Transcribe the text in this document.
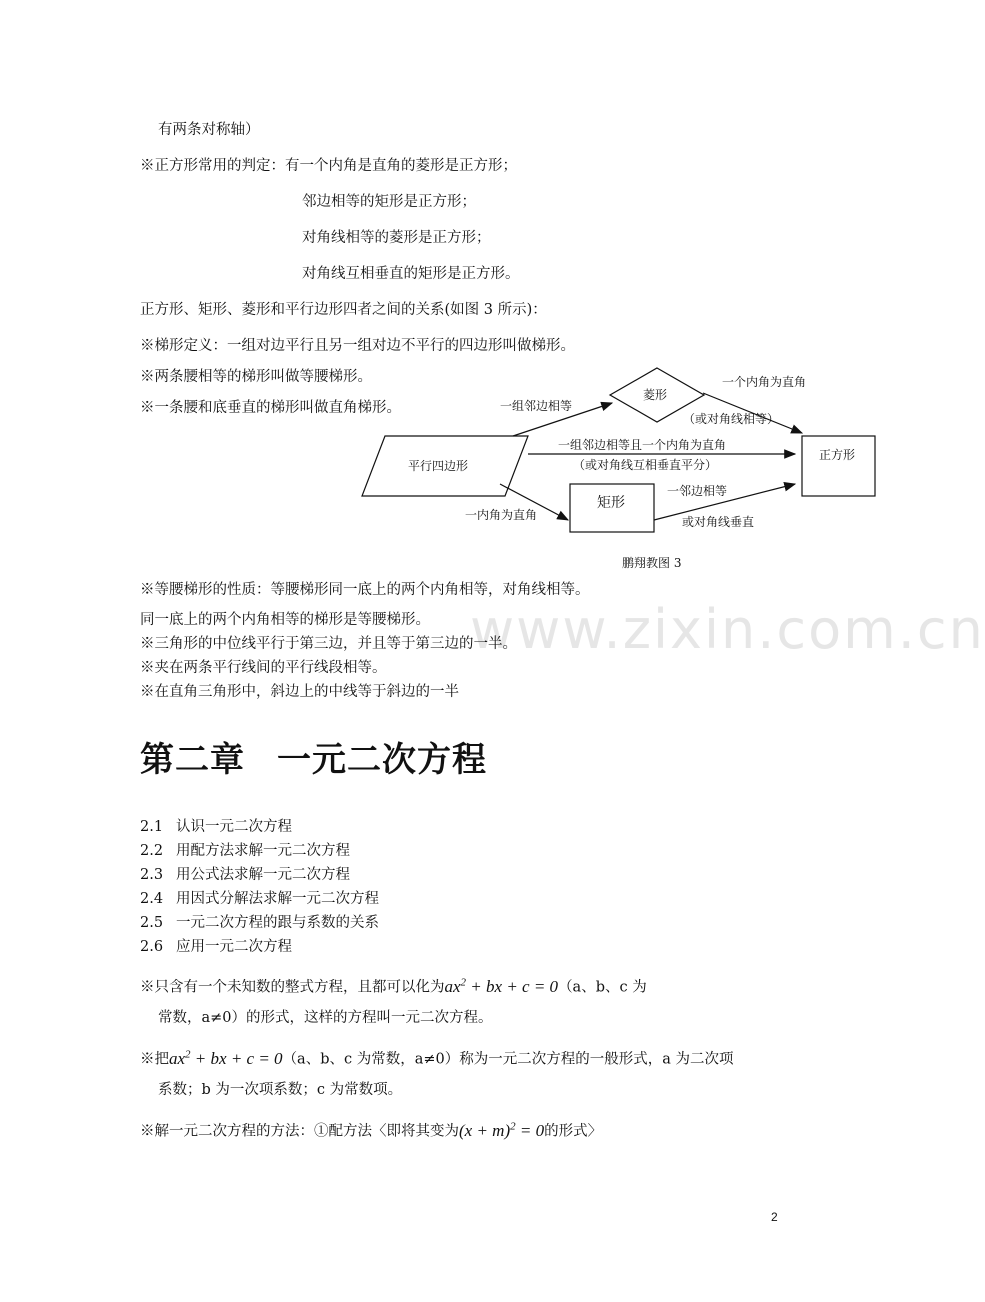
www.zixin.com.cn
有两条对称轴）
※正方形常用的判定：有一个内角是直角的菱形是正方形；
邻边相等的矩形是正方形；
对角线相等的菱形是正方形；
对角线互相垂直的矩形是正方形。
正方形、矩形、菱形和平行边形四者之间的关系(如图 3 所示)：
※梯形定义：一组对边平行且另一组对边不平行的四边形叫做梯形。
※两条腰相等的梯形叫做等腰梯形。
※一条腰和底垂直的梯形叫做直角梯形。
平行四边形
菱形
矩形
正方形
一组邻边相等
一个内角为直角
（或对角线相等）
一组邻边相等且一个内角为直角
（或对角线互相垂直平分）
一内角为直角
一邻边相等
或对角线垂直
鹏翔教图 3
※等腰梯形的性质：等腰梯形同一底上的两个内角相等，对角线相等。
同一底上的两个内角相等的梯形是等腰梯形。
※三角形的中位线平行于第三边，并且等于第三边的一半。
※夹在两条平行线间的平行线段相等。
※在直角三角形中，斜边上的中线等于斜边的一半
第二章 一元二次方程
2.1 认识一元二次方程
2.2 用配方法求解一元二次方程
2.3 用公式法求解一元二次方程
2.4 用因式分解法求解一元二次方程
2.5 一元二次方程的跟与系数的关系
2.6 应用一元二次方程
※只含有一个未知数的整式方程，且都可以化为$ax^2$ + bx + c = 0（a、b、c 为
常数，a≠0）的形式，这样的方程叫一元二次方程。
※把$ax^2$ + bx + c = 0（a、b、c 为常数，a≠0）称为一元二次方程的一般形式，a 为二次项
系数；b 为一次项系数；c 为常数项。
※解一元二次方程的方法：①配方法〈即将其变为$(x + m)^2 = 0$的形式〉
2
